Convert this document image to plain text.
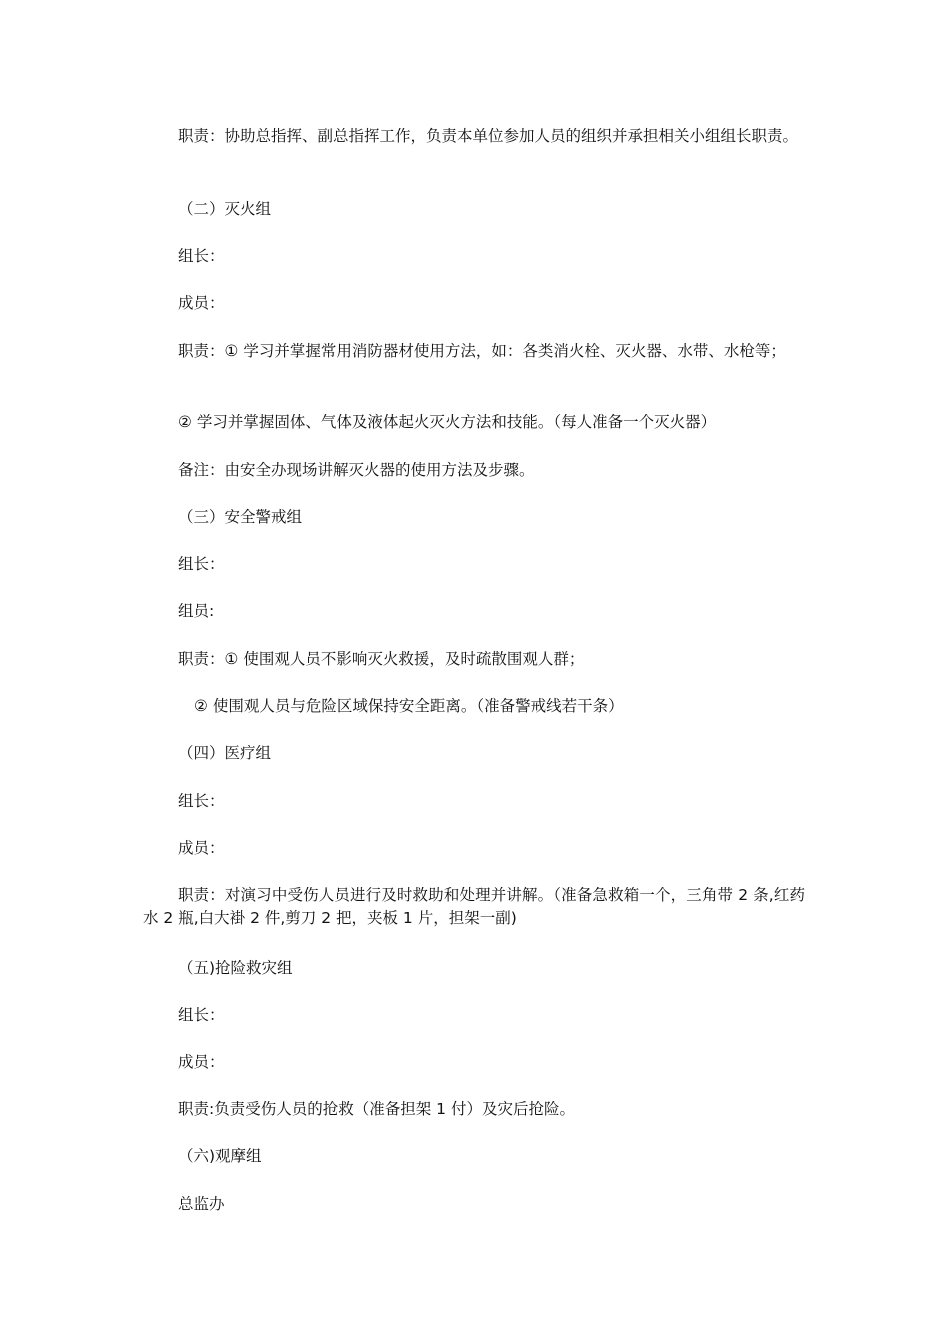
职责：协助总指挥、副总指挥工作，负责本单位参加人员的组织并承担相关小组组长职责。
（二）灭火组
组长：
成员：
职责：① 学习并掌握常用消防器材使用方法，如：各类消火栓、灭火器、水带、水枪等；
② 学习并掌握固体、气体及液体起火灭火方法和技能。（每人准备一个灭火器）
备注：由安全办现场讲解灭火器的使用方法及步骤。
（三）安全警戒组
组长：
组员:
职责：① 使围观人员不影响灭火救援，及时疏散围观人群；
② 使围观人员与危险区域保持安全距离。（准备警戒线若干条）
（四）医疗组
组长：
成员：
职责：对演习中受伤人员进行及时救助和处理并讲解。（准备急救箱一个，三角带 2 条,红药水 2 瓶,白大褂 2 件,剪刀 2 把，夹板 1 片，担架一副)
（五)抢险救灾组
组长：
成员：
职责:负责受伤人员的抢救（准备担架 1 付）及灾后抢险。
（六)观摩组
总监办
